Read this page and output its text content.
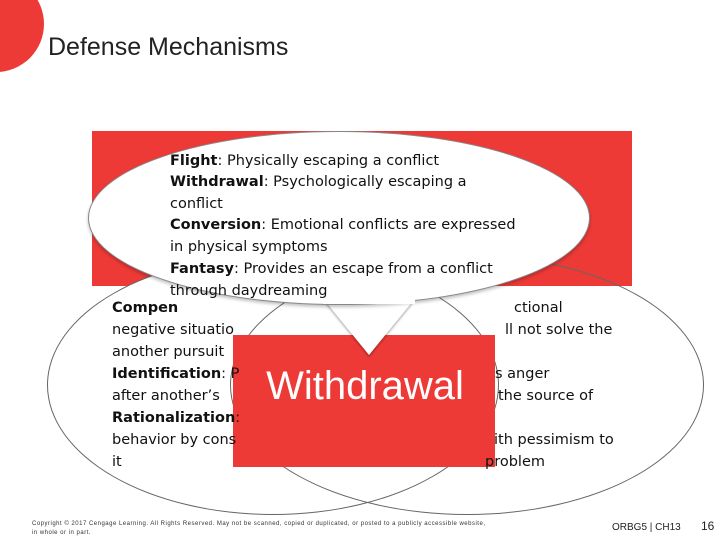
Defense Mechanisms
Withdrawal
Compen
negative situatio
another pursuit
Identification: P
after another’s
Rationalization:
behavior by cons
it
ctional
ll not solve the
s anger
the source of
ith pessimism to
problem
Flight: Physically escaping a conflict
Withdrawal: Psychologically escaping a
conflict
Conversion: Emotional conflicts are expressed
in physical symptoms
Fantasy: Provides an escape from a conflict
through daydreaming
Copyright © 2017 Cengage Learning. All Rights Reserved. May not be scanned, copied or duplicated, or posted to a publicly accessible website,
in whole or in part.	ORBG5 | CH13 16
